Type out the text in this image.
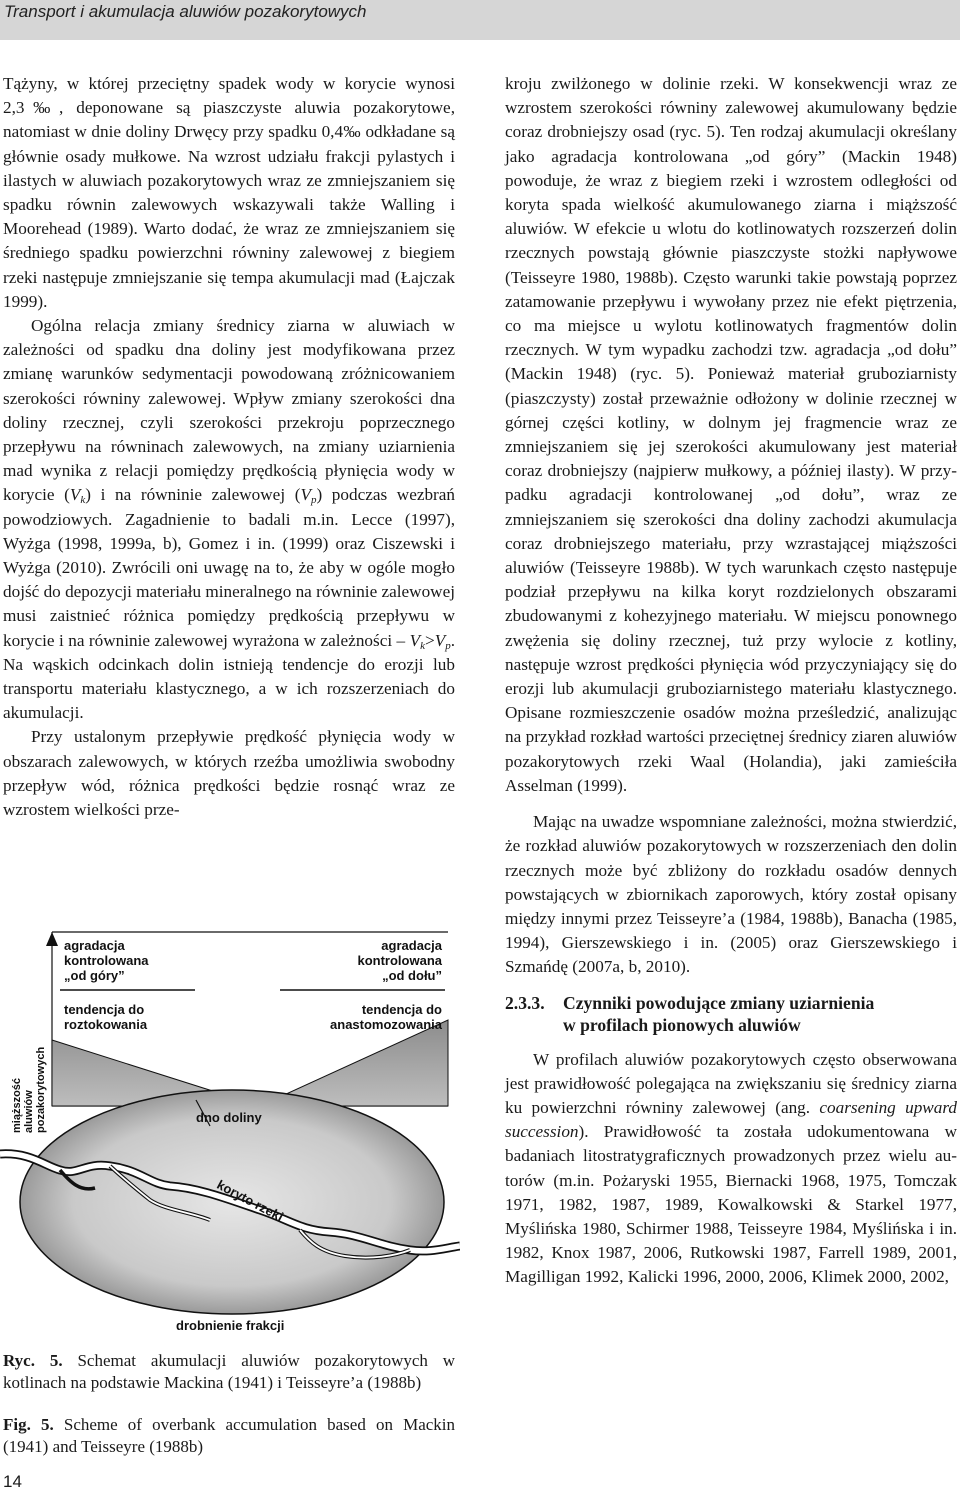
Transport i akumulacja aluwiów pozakorytowych

Tążyny, w której przeciętny spadek wody w korycie wynosi 2,3‰, deponowane są piaszczyste aluwia pozakorytowe, natomiast w dnie doliny Drwęcy przy spadku 0,4‰ odkładane są głównie osady mułkowe. Na wzrost udziału frakcji pylastych i ilastych w aluwiach pozakorytowych wraz ze zmniejszaniem się spadku równin zalewowych wskazywali także Walling i Moorehead (1989). Warto dodać, że wraz ze zmniejszaniem się średniego spadku powierzchni równiny zalewowej z biegiem rzeki następuje zmniejszanie się tempa akumulacji mad (Łajczak 1999).

Ogólna relacja zmiany średnicy ziarna w aluwiach w zależności od spadku dna doliny jest modyfikowana przez zmianę warunków sedymentacji powodowaną zróżnicowaniem szerokości równiny zalewowej. Wpływ zmiany szerokości dna doliny rzecznej, czyli szerokości przekroju poprzecznego przepływu na równinach zalewowych, na zmiany uziarnienia mad wynika z relacji pomiędzy prędkością płynięcia wody w korycie $(V_k)$ i na równinie zalewowej $(V_p)$ podczas wezbrań powodziowych. Zagadnienie to badali m.in. Lecce (1997), Wyżga (1998, 1999a, b), Gomez i in. (1999) oraz Ciszewski i Wyżga (2010). Zwrócili oni uwagę na to, że aby w ogóle mogło dojść do depozycji materiału mineralnego na równinie zalewowej musi zaistnieć różnica pomiędzy prędkością przepływu w korycie i na równinie zalewowej wyrażona w zależności – $V_k>V_p$. Na wąskich odcinkach dolin istnieją tendencje do erozji lub transportu materiału klastycznego, a w ich rozszerzeniach do akumulacji.

Przy ustalonym przepływie prędkość płynięcia wody w obszarach zalewowych, w których rzeźba umożliwia swobodny przepływ wód, różnica prędkości będzie rosnąć wraz ze wzrostem wielkości prze-

agradacja
kontrolowana
„od góry”
agradacja
kontrolowana
„od dołu”
tendencja do
roztokowania
tendencja do
anastomozowania
miąższość aluwiów pozakorytowych	dno doliny
koryto rzeki
drobnienie frakcji
Ryc. 5. Schemat akumulacji aluwiów pozakorytowych w kotlinach na podstawie Mackina (1941) i Teisseyre’a (1988b)
Fig. 5. Scheme of overbank accumulation based on Mackin (1941) and Teisseyre (1988b)
14

kroju zwilżonego w dolinie rzeki. W konsekwencji wraz ze wzrostem szerokości równiny zalewowej akumulowany będzie coraz drobniejszy osad (ryc. 5). Ten rodzaj akumulacji określany jako agradacja kontrolowana „od góry” (Mackin 1948) powoduje, że wraz z biegiem rzeki i wzrostem odległości od koryta spada wielkość akumulowanego ziarna i miąższość aluwiów. W efekcie u wlotu do kotlinowatych rozszerzeń dolin rzecznych powstają głównie piaszczyste stożki napływowe (Teisseyre 1980, 1988b). Często warunki takie powstają poprzez zatamowanie przepływu i wywołany przez nie efekt piętrzenia, co ma miejsce u wylotu kotlinowatych fragmentów dolin rzecznych. W tym wypadku zachodzi tzw. agradacja „od dołu” (Mackin 1948) (ryc. 5). Ponieważ materiał gruboziarnisty (piaszczysty) został przeważnie odłożony w dolinie rzecznej w górnej części kotliny, w dolnym jej fragmencie wraz ze zmniejszaniem się jej szerokości akumulowany jest materiał coraz drobniejszy (najpierw mułkowy, a później ilasty). W przypadku agradacji kontrolowanej „od dołu”, wraz ze zmniejszaniem się szerokości dna doliny zachodzi akumulacja coraz drobniejszego materiału, przy wzrastającej miąższości aluwiów (Teisseyre 1988b). W tych warunkach często następuje podział przepływu na kilka koryt rozdzielonych obszarami zbudowanymi z kohezyjnego materiału. W miejscu ponownego zwężenia się doliny rzecznej, tuż przy wylocie z kotliny, następuje wzrost prędkości płynięcia wód przyczyniający się do erozji lub akumulacji gruboziarnistego materiału klastycznego. Opisane rozmieszczenie osadów można prześledzić, analizując na przykład rozkład wartości przeciętnej średnicy ziaren aluwiów pozakorytowych rzeki Waal (Holandia), jaki zamieściła Asselman (1999).

Mając na uwadze wspomniane zależności, można stwierdzić, że rozkład aluwiów pozakorytowych w rozszerzeniach den dolin rzecznych może być zbliżony do rozkładu osadów dennych powstających w zbiornikach zaporowych, który został opisany między innymi przez Teisseyre’a (1984, 1988b), Banacha (1985, 1994), Gierszewskiego i in. (2005) oraz Gierszewskiego i Szmańdę (2007a, b, 2010).

2.3.3. Czynniki powodujące zmiany uziarnienia
w profilach pionowych aluwiów

W profilach aluwiów pozakorytowych często obserwowana jest prawidłowość polegająca na zwiększaniu się średnicy ziarna ku powierzchni równiny zalewowej (ang. coarsening upward succession). Prawidłowość ta została udokumentowana w badaniach litostratygraficznych prowadzonych przez wielu autorów (m.in. Pożaryski 1955, Biernacki 1968, 1975, Tomczak 1971, 1982, 1987, 1989, Kowalkowski & Starkel 1977, Myślińska 1980, Schirmer 1988, Teisseyre 1984, Myślińska i in. 1982, Knox 1987, 2006, Rutkowski 1987, Farrell 1989, 2001, Magilligan 1992, Kalicki 1996, 2000, 2006, Klimek 2000, 2002,
